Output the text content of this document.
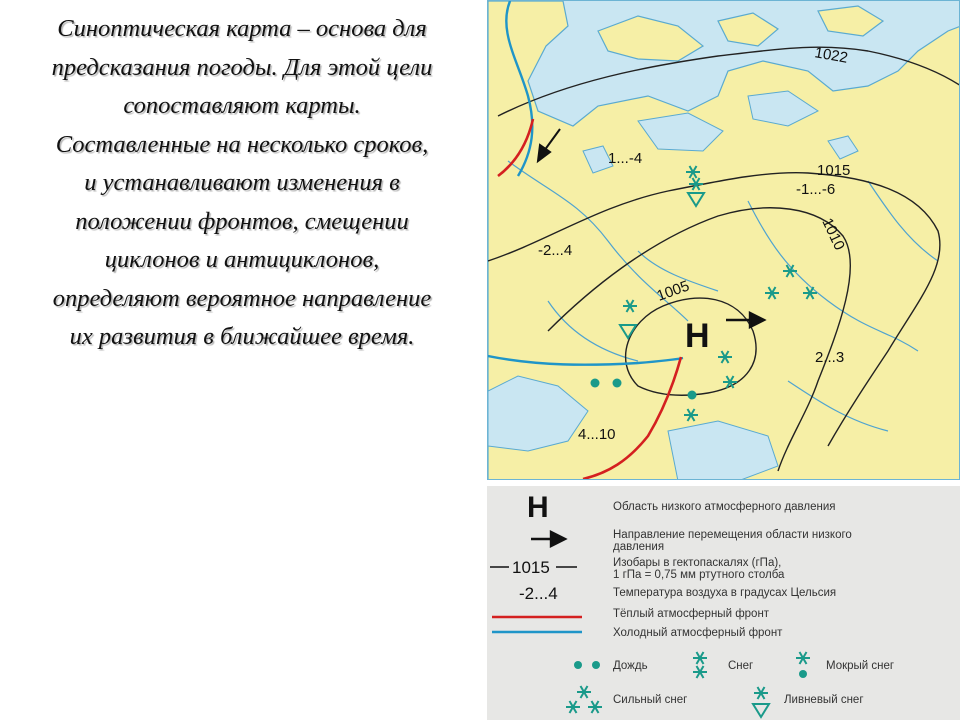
Синоптическая карта – основа для
предсказания погоды. Для этой цели
сопоставляют карты.
Составленные на несколько сроков,
и устанавливают изменения в
положении фронтов, смещении
циклонов и антициклонов,
определяют вероятное направление
их развития в ближайшее время.	Н
1022
1015
1010
1005
1...-4
-1...-6
-2...4
2...3
4...10
Н
1015
-2...4
Область низкого атмосферного давления
Направление перемещения области низкого
давления
Изобары в гектопаскалях (гПа),
1 гПа = 0,75 мм ртутного столба
Температура воздуха в градусах Цельсия
Тёплый атмосферный фронт
Холодный атмосферный фронт
Дождь	Снег	Мокрый снег
Сильный снег	Ливневый снег
